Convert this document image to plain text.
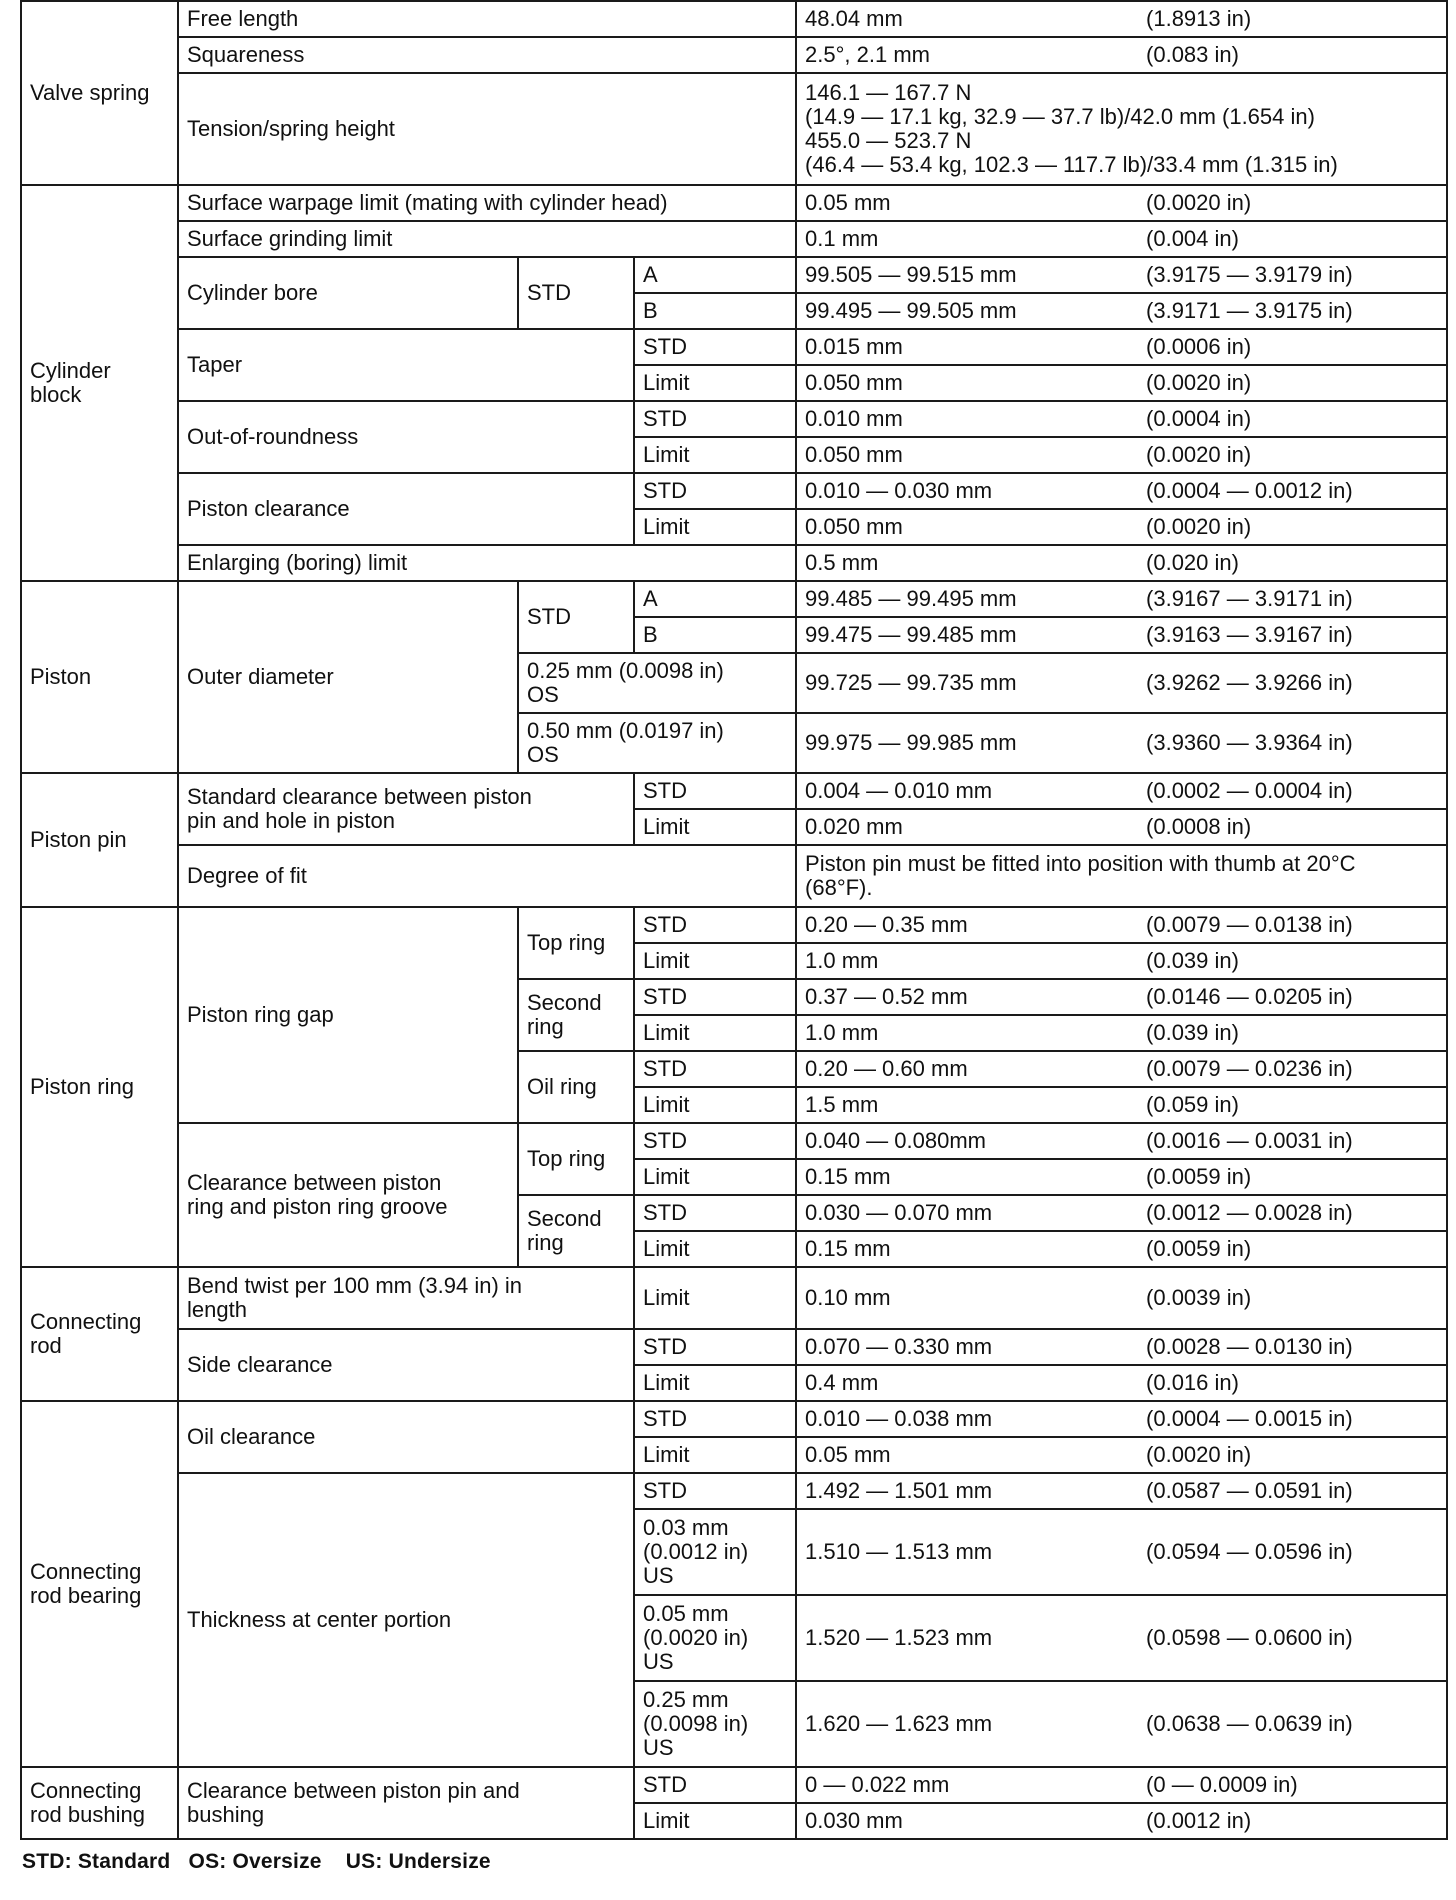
Valve spring	Free length			48.04 mm	(1.8913 in)
	Squareness			2.5°, 2.1 mm	(0.083 in)
	Tension/spring height			146.1 — 167.7 N
(14.9 — 17.1 kg, 32.9 — 37.7 lb)/42.0 mm (1.654 in)
455.0 — 523.7 N
(46.4 — 53.4 kg, 102.3 — 117.7 lb)/33.4 mm (1.315 in)	
Cylinder
block	Surface warpage limit (mating with cylinder head)			0.05 mm	(0.0020 in)
	Surface grinding limit			0.1 mm	(0.004 in)
	Cylinder bore	STD	A	99.505 — 99.515 mm	(3.9175 — 3.9179 in)
			B	99.495 — 99.505 mm	(3.9171 — 3.9175 in)
	Taper		STD	0.015 mm	(0.0006 in)
			Limit	0.050 mm	(0.0020 in)
	Out-of-roundness		STD	0.010 mm	(0.0004 in)
			Limit	0.050 mm	(0.0020 in)
	Piston clearance		STD	0.010 — 0.030 mm	(0.0004 — 0.0012 in)
			Limit	0.050 mm	(0.0020 in)
	Enlarging (boring) limit			0.5 mm	(0.020 in)
Piston	Outer diameter	STD	A	99.485 — 99.495 mm	(3.9167 — 3.9171 in)
			B	99.475 — 99.485 mm	(3.9163 — 3.9167 in)
		0.25 mm (0.0098 in)
OS		99.725 — 99.735 mm	(3.9262 — 3.9266 in)
		0.50 mm (0.0197 in)
OS		99.975 — 99.985 mm	(3.9360 — 3.9364 in)
Piston pin	Standard clearance between piston
pin and hole in piston		STD	0.004 — 0.010 mm	(0.0002 — 0.0004 in)
			Limit	0.020 mm	(0.0008 in)
	Degree of fit			Piston pin must be fitted into position with thumb at 20°C
(68°F).	
Piston ring	Piston ring gap	Top ring	STD	0.20 — 0.35 mm	(0.0079 — 0.0138 in)
			Limit	1.0 mm	(0.039 in)
		Second
ring	STD	0.37 — 0.52 mm	(0.0146 — 0.0205 in)
			Limit	1.0 mm	(0.039 in)
		Oil ring	STD	0.20 — 0.60 mm	(0.0079 — 0.0236 in)
			Limit	1.5 mm	(0.059 in)
	Clearance between piston
ring and piston ring groove	Top ring	STD	0.040 — 0.080mm	(0.0016 — 0.0031 in)
			Limit	0.15 mm	(0.0059 in)
		Second
ring	STD	0.030 — 0.070 mm	(0.0012 — 0.0028 in)
			Limit	0.15 mm	(0.0059 in)
Connecting
rod	Bend twist per 100 mm (3.94 in) in
length		Limit	0.10 mm	(0.0039 in)
	Side clearance		STD	0.070 — 0.330 mm	(0.0028 — 0.0130 in)
			Limit	0.4 mm	(0.016 in)
Connecting
rod bearing	Oil clearance		STD	0.010 — 0.038 mm	(0.0004 — 0.0015 in)
			Limit	0.05 mm	(0.0020 in)
	Thickness at center portion		STD	1.492 — 1.501 mm	(0.0587 — 0.0591 in)
			0.03 mm
(0.0012 in)
US	1.510 — 1.513 mm	(0.0594 — 0.0596 in)
			0.05 mm
(0.0020 in)
US	1.520 — 1.523 mm	(0.0598 — 0.0600 in)
			0.25 mm
(0.0098 in)
US	1.620 — 1.623 mm	(0.0638 — 0.0639 in)
Connecting
rod bushing	Clearance between piston pin and
bushing		STD	0 — 0.022 mm	(0 — 0.0009 in)
			Limit	0.030 mm	(0.0012 in)
STD: Standard   OS: Oversize    US: Undersize
